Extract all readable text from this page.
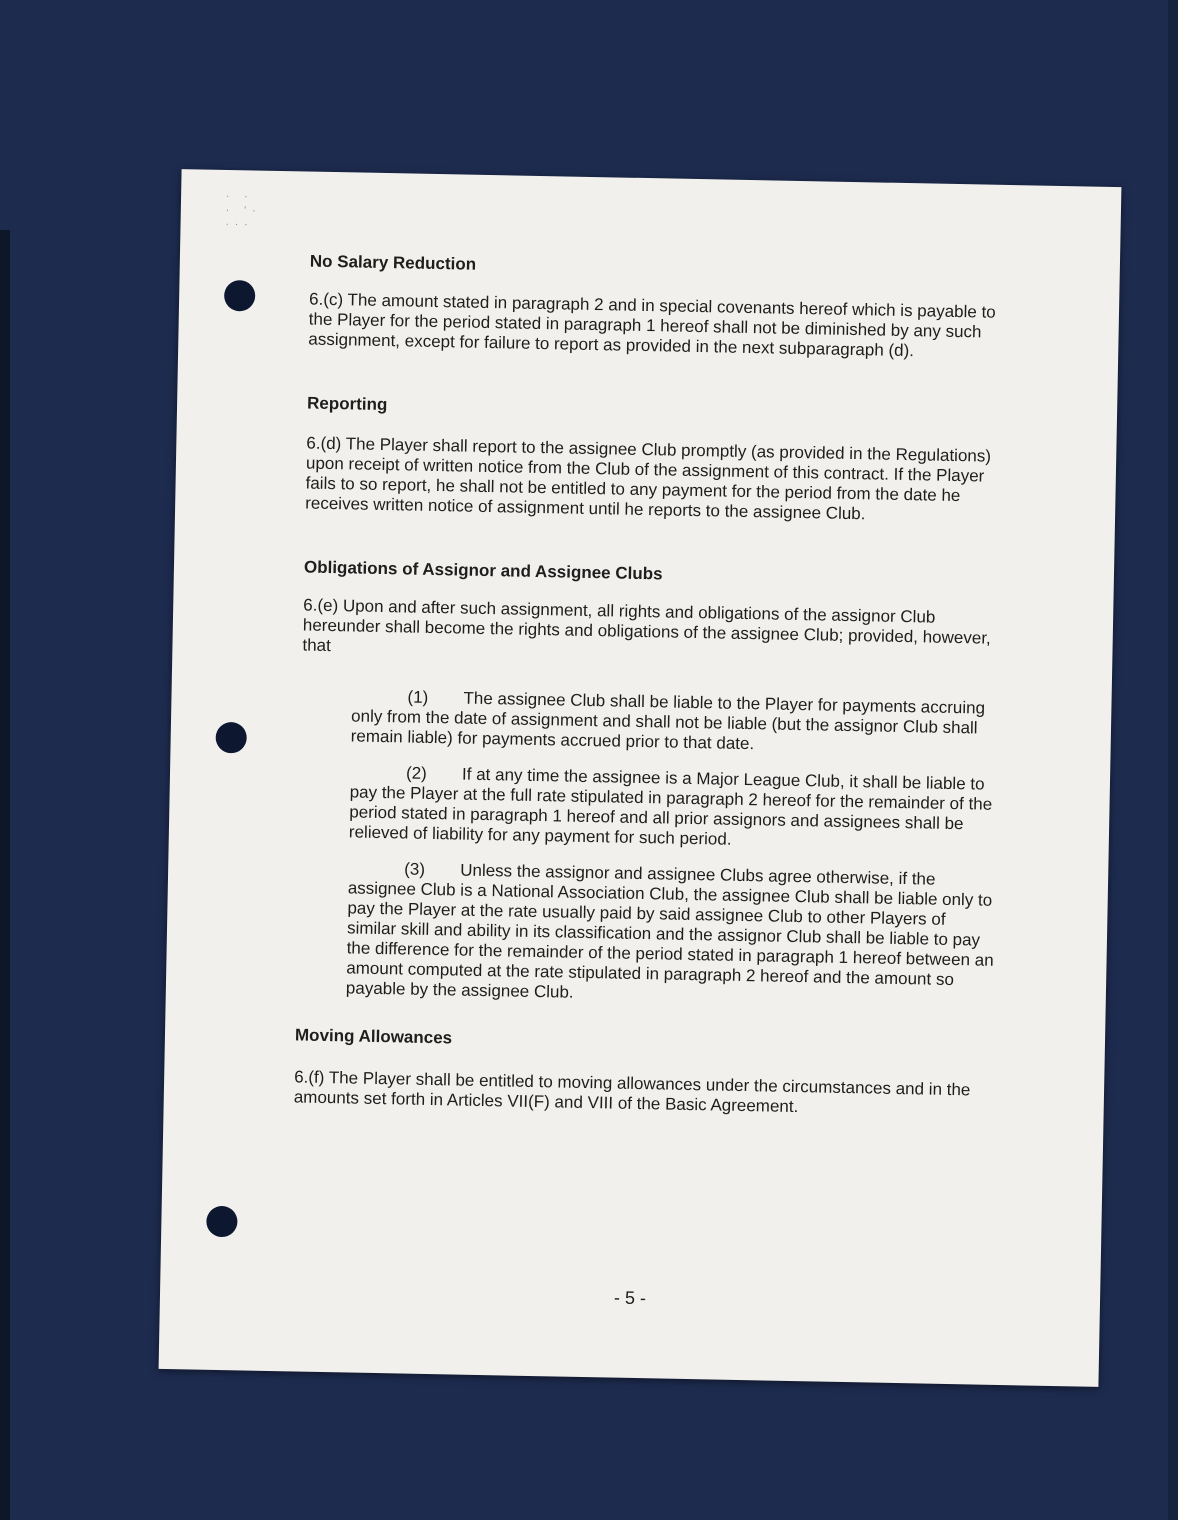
· ·
· ’·
···

No Salary Reduction

6.(c) The amount stated in paragraph 2 and in special covenants hereof which is payable to the Player for the period stated in paragraph 1 hereof shall not be diminished by any such assignment, except for failure to report as provided in the next subparagraph (d).

Reporting

6.(d) The Player shall report to the assignee Club promptly (as provided in the Regulations) upon receipt of written notice from the Club of the assignment of this contract. If the Player fails to so report, he shall not be entitled to any payment for the period from the date he receives written notice of assignment until he reports to the assignee Club.

Obligations of Assignor and Assignee Clubs

6.(e) Upon and after such assignment, all rights and obligations of the assignor Club hereunder shall become the rights and obligations of the assignee Club; provided, however, that

(1) The assignee Club shall be liable to the Player for payments accruing only from the date of assignment and shall not be liable (but the assignor Club shall remain liable) for payments accrued prior to that date.

(2) If at any time the assignee is a Major League Club, it shall be liable to pay the Player at the full rate stipulated in paragraph 2 hereof for the remainder of the period stated in paragraph 1 hereof and all prior assignors and assignees shall be relieved of liability for any payment for such period.

(3) Unless the assignor and assignee Clubs agree otherwise, if the assignee Club is a National Association Club, the assignee Club shall be liable only to pay the Player at the rate usually paid by said assignee Club to other Players of similar skill and ability in its classification and the assignor Club shall be liable to pay the difference for the remainder of the period stated in paragraph 1 hereof between an amount computed at the rate stipulated in paragraph 2 hereof and the amount so payable by the assignee Club.

Moving Allowances

6.(f) The Player shall be entitled to moving allowances under the circumstances and in the amounts set forth in Articles VII(F) and VIII of the Basic Agreement.

- 5 -
